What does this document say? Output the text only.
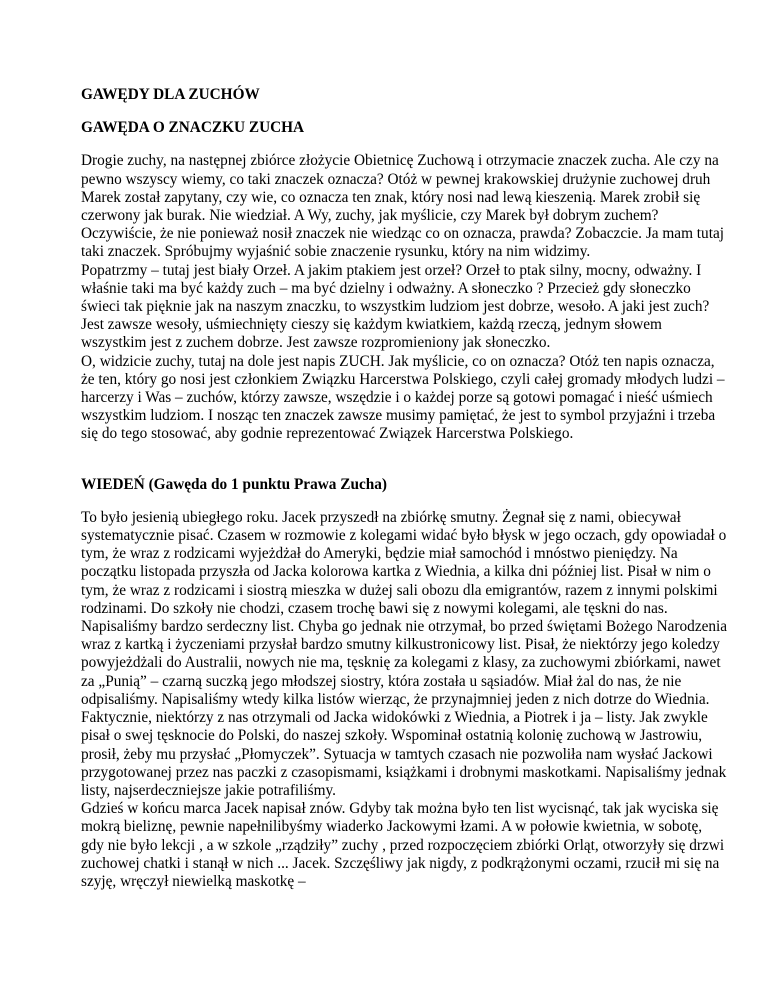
GAWĘDY DLA ZUCHÓW

GAWĘDA O ZNACZKU ZUCHA

Drogie zuchy, na następnej zbiórce złożycie Obietnicę Zuchową i otrzymacie znaczek zucha. Ale czy na pewno wszyscy wiemy, co taki znaczek oznacza? Otóż w pewnej krakowskiej drużynie zuchowej druh Marek został zapytany, czy wie, co oznacza ten znak, który nosi nad lewą kieszenią. Marek zrobił się czerwony jak burak. Nie wiedział. A Wy, zuchy, jak myślicie, czy Marek był dobrym zuchem? Oczywiście, że nie ponieważ nosił znaczek nie wiedząc co on oznacza, prawda? Zobaczcie. Ja mam tutaj taki znaczek. Spróbujmy wyjaśnić sobie znaczenie rysunku, który na nim widzimy.

Popatrzmy – tutaj jest biały Orzeł. A jakim ptakiem jest orzeł? Orzeł to ptak silny, mocny, odważny. I właśnie taki ma być każdy zuch – ma być dzielny i odważny. A słoneczko ? Przecież gdy słoneczko świeci tak pięknie jak na naszym znaczku, to wszystkim ludziom jest dobrze, wesoło. A jaki jest zuch? Jest zawsze wesoły, uśmiechnięty cieszy się każdym kwiatkiem, każdą rzeczą, jednym słowem wszystkim jest z zuchem dobrze. Jest zawsze rozpromieniony jak słoneczko.

O, widzicie zuchy, tutaj na dole jest napis ZUCH. Jak myślicie, co on oznacza? Otóż ten napis oznacza, że ten, który go nosi jest członkiem Związku Harcerstwa Polskiego, czyli całej gromady młodych ludzi – harcerzy i Was – zuchów, którzy zawsze, wszędzie i o każdej porze są gotowi pomagać i nieść uśmiech wszystkim ludziom. I nosząc ten znaczek zawsze musimy pamiętać, że jest to symbol przyjaźni i trzeba się do tego stosować, aby godnie reprezentować Związek Harcerstwa Polskiego.

WIEDEŃ (Gawęda do 1 punktu Prawa Zucha)

To było jesienią ubiegłego roku. Jacek przyszedł na zbiórkę smutny. Żegnał się z nami, obiecywał systematycznie pisać. Czasem w rozmowie z kolegami widać było błysk w jego oczach, gdy opowiadał o tym, że wraz z rodzicami wyjeżdżał do Ameryki, będzie miał samochód i mnóstwo pieniędzy. Na początku listopada przyszła od Jacka kolorowa kartka z Wiednia, a kilka dni później list. Pisał w nim o tym, że wraz z rodzicami i siostrą mieszka w dużej sali obozu dla emigrantów, razem z innymi polskimi rodzinami. Do szkoły nie chodzi, czasem trochę bawi się z nowymi kolegami, ale tęskni do nas. Napisaliśmy bardzo serdeczny list. Chyba go jednak nie otrzymał, bo przed świętami Bożego Narodzenia wraz z kartką i życzeniami przysłał bardzo smutny kilkustronicowy list. Pisał, że niektórzy jego koledzy powyjeżdżali do Australii, nowych nie ma, tęsknię za kolegami z klasy, za zuchowymi zbiórkami, nawet za „Punią” – czarną suczką jego młodszej siostry, która została u sąsiadów. Miał żal do nas, że nie odpisaliśmy. Napisaliśmy wtedy kilka listów wierząc, że przynajmniej jeden z nich dotrze do Wiednia. Faktycznie, niektórzy z nas otrzymali od Jacka widokówki z Wiednia, a Piotrek i ja – listy. Jak zwykle pisał o swej tęsknocie do Polski, do naszej szkoły. Wspominał ostatnią kolonię zuchową w Jastrowiu, prosił, żeby mu przysłać „Płomyczek”. Sytuacja w tamtych czasach nie pozwoliła nam wysłać Jackowi przygotowanej przez nas paczki z czasopismami, książkami i drobnymi maskotkami. Napisaliśmy jednak listy, najserdeczniejsze jakie potrafiliśmy.

Gdzieś w końcu marca Jacek napisał znów. Gdyby tak można było ten list wycisnąć, tak jak wyciska się mokrą bieliznę, pewnie napełnilibyśmy wiaderko Jackowymi łzami. A w połowie kwietnia, w sobotę, gdy nie było lekcji , a w szkole „rządziły” zuchy , przed rozpoczęciem zbiórki Orląt, otworzyły się drzwi zuchowej chatki i stanął w nich ... Jacek. Szczęśliwy jak nigdy, z podkrążonymi oczami, rzucił mi się na szyję, wręczył niewielką maskotkę –
